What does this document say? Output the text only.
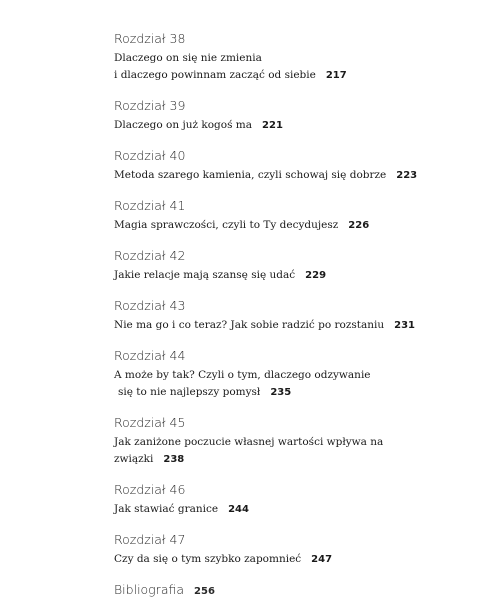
Rozdział 38
Dlaczego on się nie zmienia
i dlaczego powinnam zacząć od siebie 217
Rozdział 39
Dlaczego on już kogoś ma 221
Rozdział 40
Metoda szarego kamienia, czyli schowaj się dobrze 223
Rozdział 41
Magia sprawczości, czyli to Ty decydujesz 226
Rozdział 42
Jakie relacje mają szansę się udać 229
Rozdział 43
Nie ma go i co teraz? Jak sobie radzić po rozstaniu 231
Rozdział 44
A może by tak? Czyli o tym, dlaczego odzywanie
się to nie najlepszy pomysł 235
Rozdział 45
Jak zaniżone poczucie własnej wartości wpływa na
związki 238
Rozdział 46
Jak stawiać granice 244
Rozdział 47
Czy da się o tym szybko zapomnieć 247
Bibliografia 256
